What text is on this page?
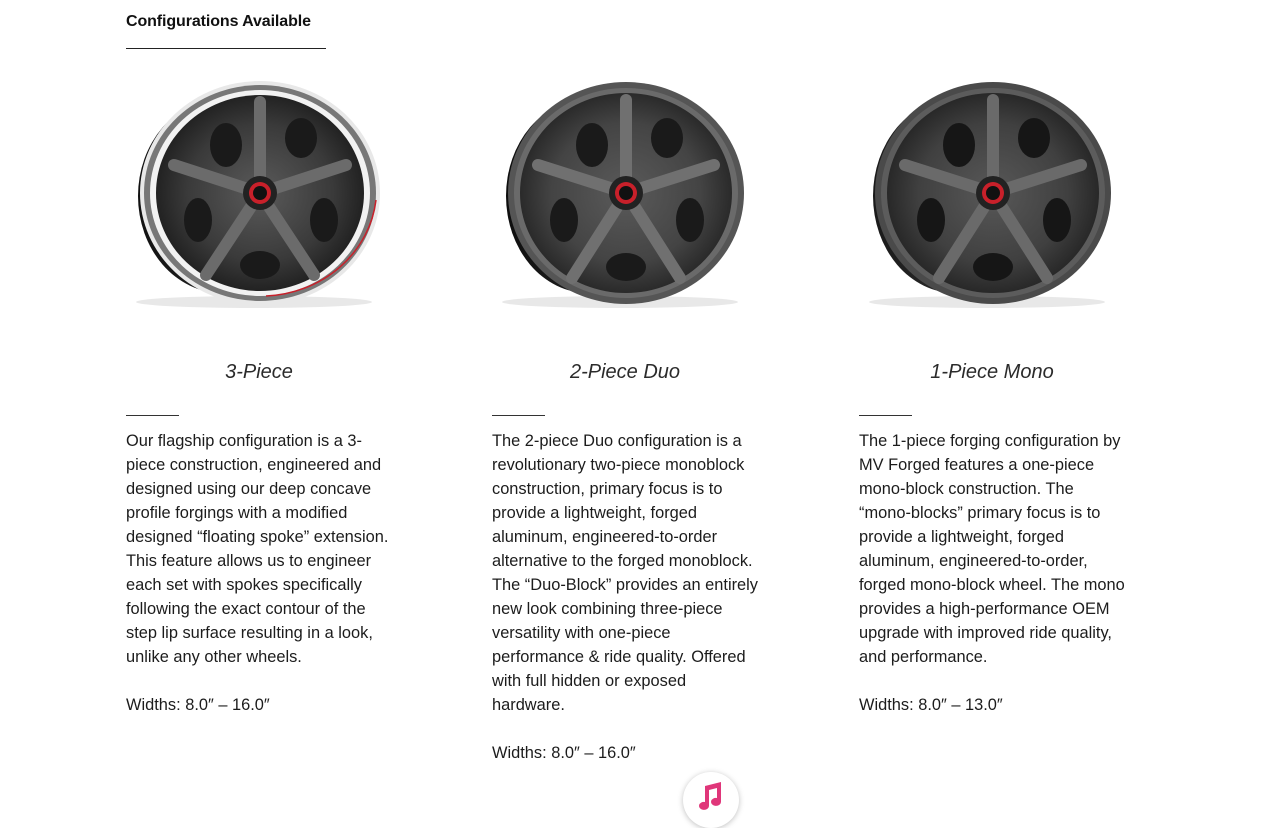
Configurations Available
3-Piece

Our flagship configuration is a 3-piece construction, engineered and designed using our deep concave profile forgings with a modified designed “floating spoke” extension. This feature allows us to engineer each set with spokes specifically following the exact contour of the step lip surface resulting in a look, unlike any other wheels.

Widths: 8.0″ – 16.0″

2-Piece Duo

The 2-piece Duo configuration is a revolutionary two-piece monoblock construction, primary focus is to provide a lightweight, forged aluminum, engineered-to-order alternative to the forged monoblock. The “Duo-Block” provides an entirely new look combining three-piece versatility with one-piece performance & ride quality. Offered with full hidden or exposed hardware.

Widths: 8.0″ – 16.0″

1-Piece Mono

The 1-piece forging configuration by MV Forged features a one-piece mono-block construction. The “mono-blocks” primary focus is to provide a lightweight, forged aluminum, engineered-to-order, forged mono-block wheel. The mono provides a high-performance OEM upgrade with improved ride quality, and performance.

Widths: 8.0″ – 13.0″
